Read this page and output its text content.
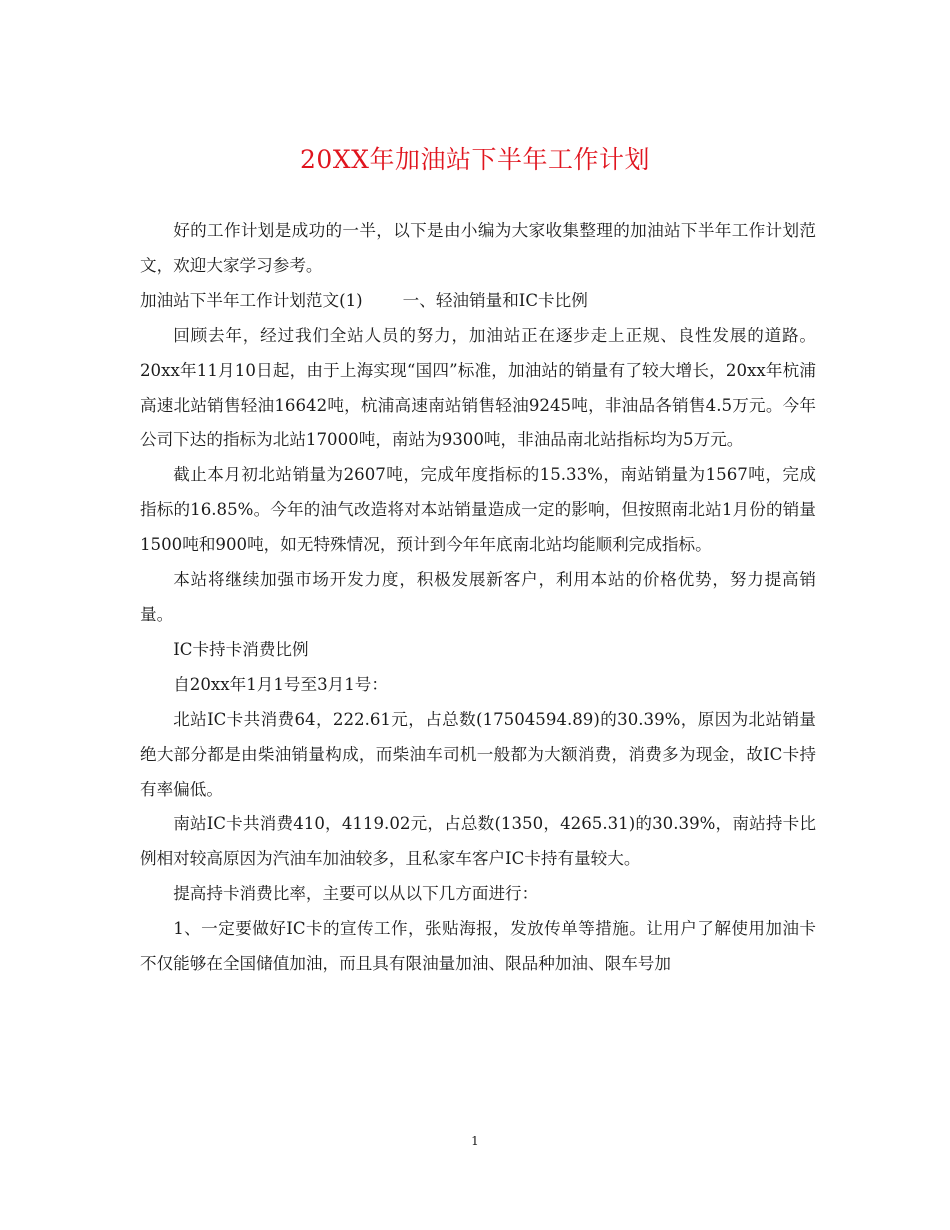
20XX年加油站下半年工作计划

好的工作计划是成功的一半，以下是由小编为大家收集整理的加油站下半年工作计划范文，欢迎大家学习参考。

加油站下半年工作计划范文(1) 一、轻油销量和IC卡比例

回顾去年，经过我们全站人员的努力，加油站正在逐步走上正规、良性发展的道路。20xx年11月10日起，由于上海实现“国四”标准，加油站的销量有了较大增长，20xx年杭浦高速北站销售轻油16642吨，杭浦高速南站销售轻油9245吨，非油品各销售4.5万元。今年公司下达的指标为北站17000吨，南站为9300吨，非油品南北站指标均为5万元。

截止本月初北站销量为2607吨，完成年度指标的15.33%，南站销量为1567吨，完成指标的16.85%。今年的油气改造将对本站销量造成一定的影响，但按照南北站1月份的销量1500吨和900吨，如无特殊情况，预计到今年年底南北站均能顺利完成指标。

本站将继续加强市场开发力度，积极发展新客户，利用本站的价格优势，努力提高销量。

IC卡持卡消费比例

自20xx年1月1号至3月1号：

北站IC卡共消费64，222.61元，占总数(17504594.89)的30.39%，原因为北站销量绝大部分都是由柴油销量构成，而柴油车司机一般都为大额消费，消费多为现金，故IC卡持有率偏低。

南站IC卡共消费410，4119.02元，占总数(1350，4265.31)的30.39%，南站持卡比例相对较高原因为汽油车加油较多，且私家车客户IC卡持有量较大。

提高持卡消费比率，主要可以从以下几方面进行：

1、一定要做好IC卡的宣传工作，张贴海报，发放传单等措施。让用户了解使用加油卡不仅能够在全国储值加油，而且具有限油量加油、限品种加油、限车号加

1
